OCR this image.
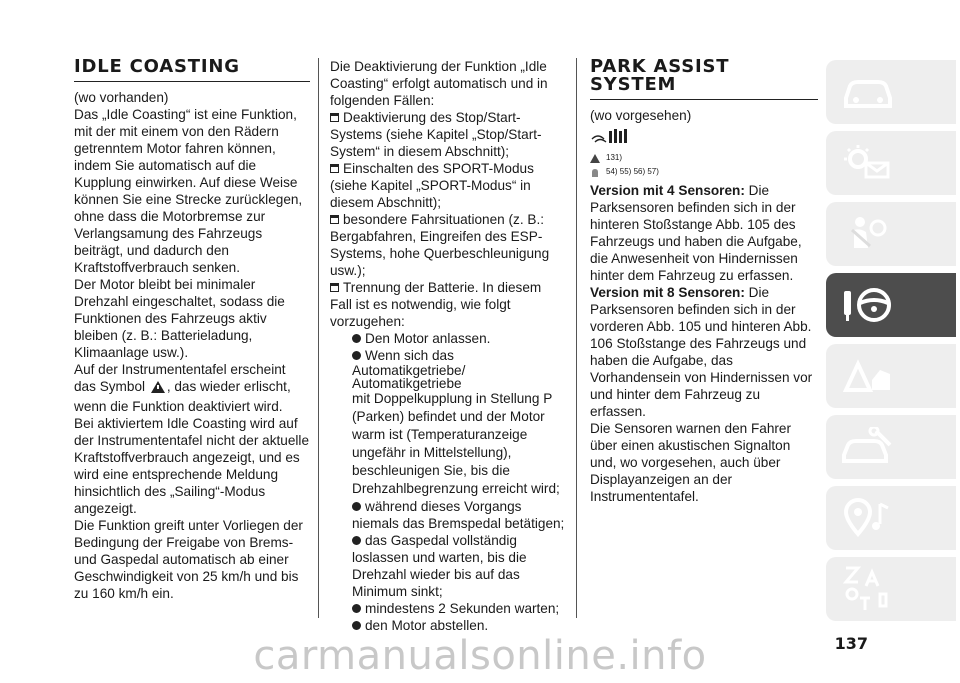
IDLE COASTING

(wo vorhanden)

Das „Idle Coasting“ ist eine Funktion, mit der mit einem von den Rädern getrenntem Motor fahren können, indem Sie automatisch auf die Kupplung einwirken. Auf diese Weise können Sie eine Strecke zurücklegen, ohne dass die Motorbremse zur Verlangsamung des Fahrzeugs beiträgt, und dadurch den Kraftstoffverbrauch senken.

Der Motor bleibt bei minimaler Drehzahl eingeschaltet, sodass die Funktionen des Fahrzeugs aktiv bleiben (z. B.: Batterieladung, Klimaanlage usw.).

Auf der Instrumententafel erscheint das Symbol , das wieder erlischt, wenn die Funktion deaktiviert wird.

Bei aktiviertem Idle Coasting wird auf der Instrumententafel nicht der aktuelle Kraftstoffverbrauch angezeigt, und es wird eine entsprechende Meldung hinsichtlich des „Sailing“-Modus angezeigt.

Die Funktion greift unter Vorliegen der Bedingung der Freigabe von Brems- und Gaspedal automatisch ab einer Geschwindigkeit von 25 km/h und bis zu 160 km/h ein.

Die Deaktivierung der Funktion „Idle Coasting“ erfolgt automatisch und in folgenden Fällen:

Deaktivierung des Stop/Start-Systems (siehe Kapitel „Stop/Start-System“ in diesem Abschnitt);

Einschalten des SPORT-Modus (siehe Kapitel „SPORT-Modus“ in diesem Abschnitt);

besondere Fahrsituationen (z. B.: Bergabfahren, Eingreifen des ESP-Systems, hohe Querbeschleunigung usw.);

Trennung der Batterie. In diesem Fall ist es notwendig, wie folgt vorzugehen:

Den Motor anlassen.

Wenn sich das

Automatikgetriebe/

Automatikgetriebe

mit Doppelkupplung in Stellung P (Parken) befindet und der Motor warm ist (Temperaturanzeige ungefähr in Mittelstellung), beschleunigen Sie, bis die Drehzahlbegrenzung erreicht wird;

während dieses Vorgangs niemals das Bremspedal betätigen;

das Gaspedal vollständig loslassen und warten, bis die Drehzahl wieder bis auf das Minimum sinkt;

mindestens 2 Sekunden warten;

den Motor abstellen.

PARK ASSIST
SYSTEM

(wo vorgesehen)

131)
54) 55) 56) 57)

Version mit 4 Sensoren: Die Parksensoren befinden sich in der hinteren Stoßstange Abb. 105 des Fahrzeugs und haben die Aufgabe, die Anwesenheit von Hindernissen hinter dem Fahrzeug zu erfassen.

Version mit 8 Sensoren: Die Parksensoren befinden sich in der vorderen Abb. 105 und hinteren Abb. 106 Stoßstange des Fahrzeugs und haben die Aufgabe, das Vorhandensein von Hindernissen vor und hinter dem Fahrzeug zu erfassen.

Die Sensoren warnen den Fahrer über einen akustischen Signalton und, wo vorgesehen, auch über Displayanzeigen an der Instrumententafel.

137
carmanualsonline.info
